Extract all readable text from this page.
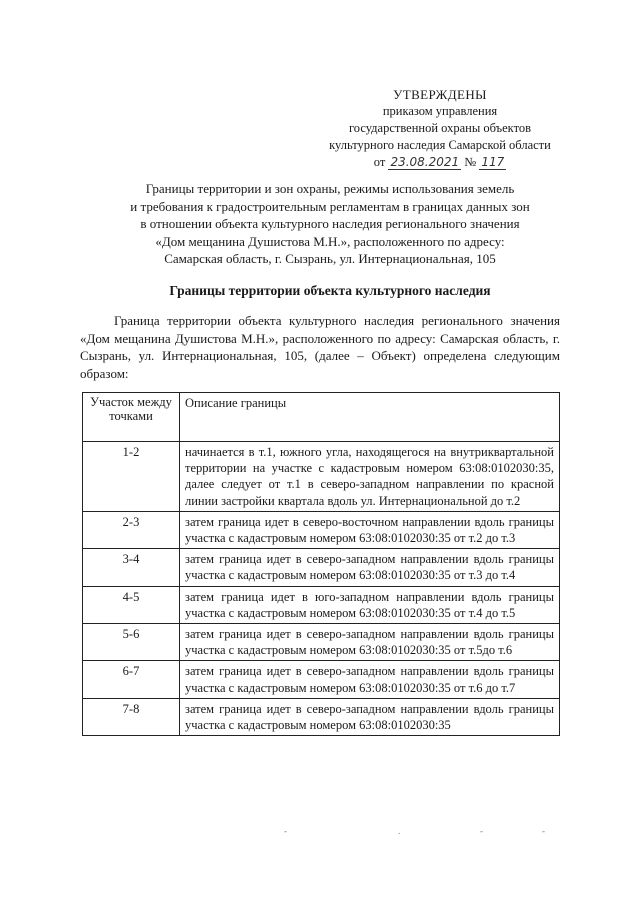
УТВЕРЖДЕНЫ
приказом управления
государственной охраны объектов
культурного наследия Самарской области
от 23.08.2021 № 117
Границы территории и зон охраны, режимы использования земель
и требования к градостроительным регламентам в границах данных зон
в отношении объекта культурного наследия регионального значения
«Дом мещанина Душистова М.Н.», расположенного по адресу:
Самарская область, г. Сызрань, ул. Интернациональная, 105
Границы территории объекта культурного наследия
Граница территории объекта культурного наследия регионального значения «Дом мещанина Душистова М.Н.», расположенного по адресу: Самарская область, г. Сызрань, ул. Интернациональная, 105, (далее – Объект) определена следующим образом:
Участок между точками	Описание границы
1-2	начинается в т.1, южного угла, находящегося на внутриквартальной территории на участке с кадастровым номером 63:08:0102030:35, далее следует от т.1 в северо-западном направлении по красной линии застройки квартала вдоль ул. Интернациональной до т.2
2-3	затем граница идет в северо-восточном направлении вдоль границы участка с кадастровым номером 63:08:0102030:35 от т.2 до т.3
3-4	затем граница идет в северо-западном направлении вдоль границы участка с кадастровым номером 63:08:0102030:35 от т.3 до т.4
4-5	затем граница идет в юго-западном направлении вдоль границы участка с кадастровым номером 63:08:0102030:35 от т.4 до т.5
5-6	затем граница идет в северо-западном направлении вдоль границы участка с кадастровым номером 63:08:0102030:35 от т.5до т.6
6-7	затем граница идет в северо-западном направлении вдоль границы участка с кадастровым номером 63:08:0102030:35 от т.6 до т.7
7-8	затем граница идет в северо-западном направлении вдоль границы участка с кадастровым номером 63:08:0102030:35
-	.	-	-
